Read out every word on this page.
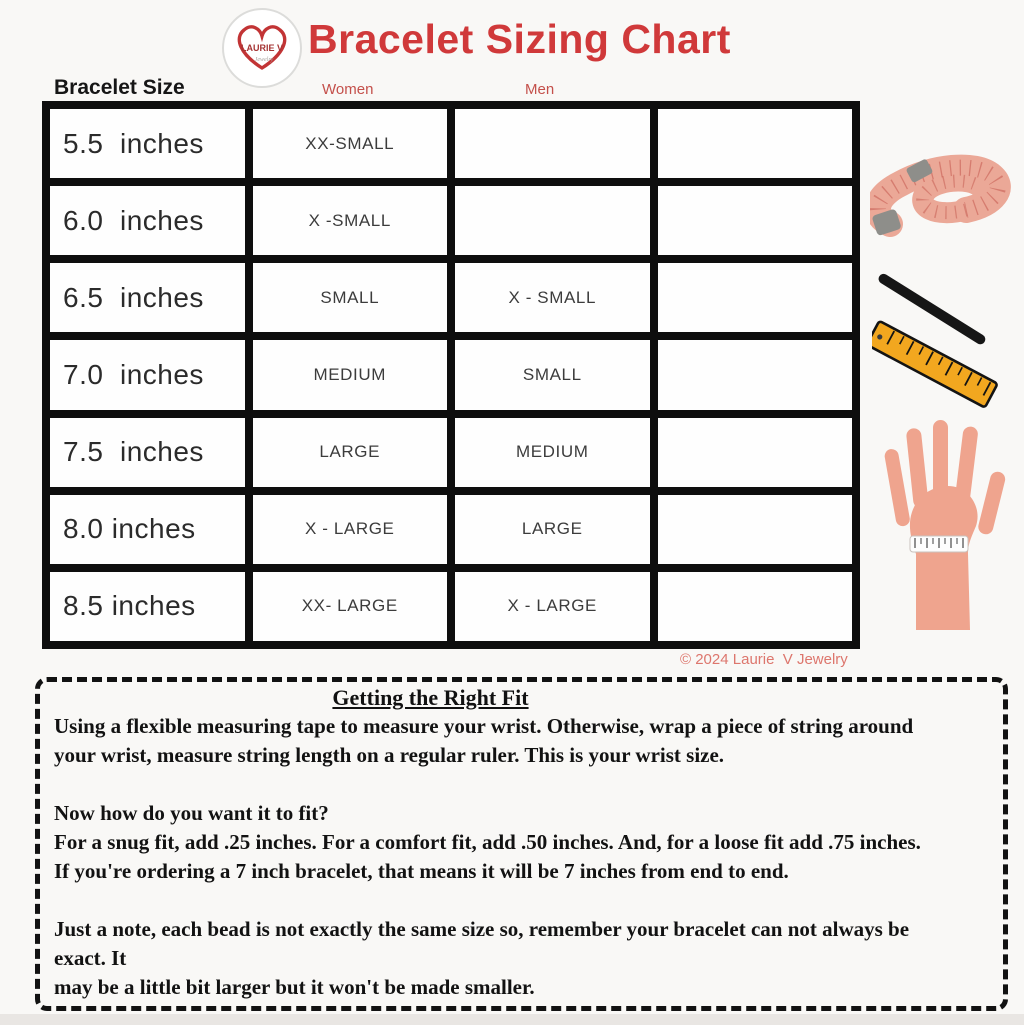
LAURIE V
Jewelry Bracelet Sizing Chart
Bracelet Size	Women	Men
5.5  inches	XX-SMALL
6.0  inches	X -SMALL
6.5  inches	SMALL	X - SMALL
7.0  inches	MEDIUM	SMALL
7.5  inches	LARGE	MEDIUM
8.0 inches	X - LARGE	LARGE
8.5 inches	XX- LARGE	X - LARGE
© 2024 Laurie  V Jewelry
Getting the Right Fit
Using a flexible measuring tape to measure your wrist. Otherwise, wrap a piece of string around
your wrist, measure string length on a regular ruler. This is your wrist size.
Now how do you want it to fit?
For a snug fit, add .25 inches. For a comfort fit, add .50 inches. And, for a loose fit add .75 inches.
If you're ordering a 7 inch bracelet, that means it will be 7 inches from end to end.
Just a note, each bead is not exactly the same size so, remember your bracelet can not always be
exact. It
may be a little bit larger but it won't be made smaller.
